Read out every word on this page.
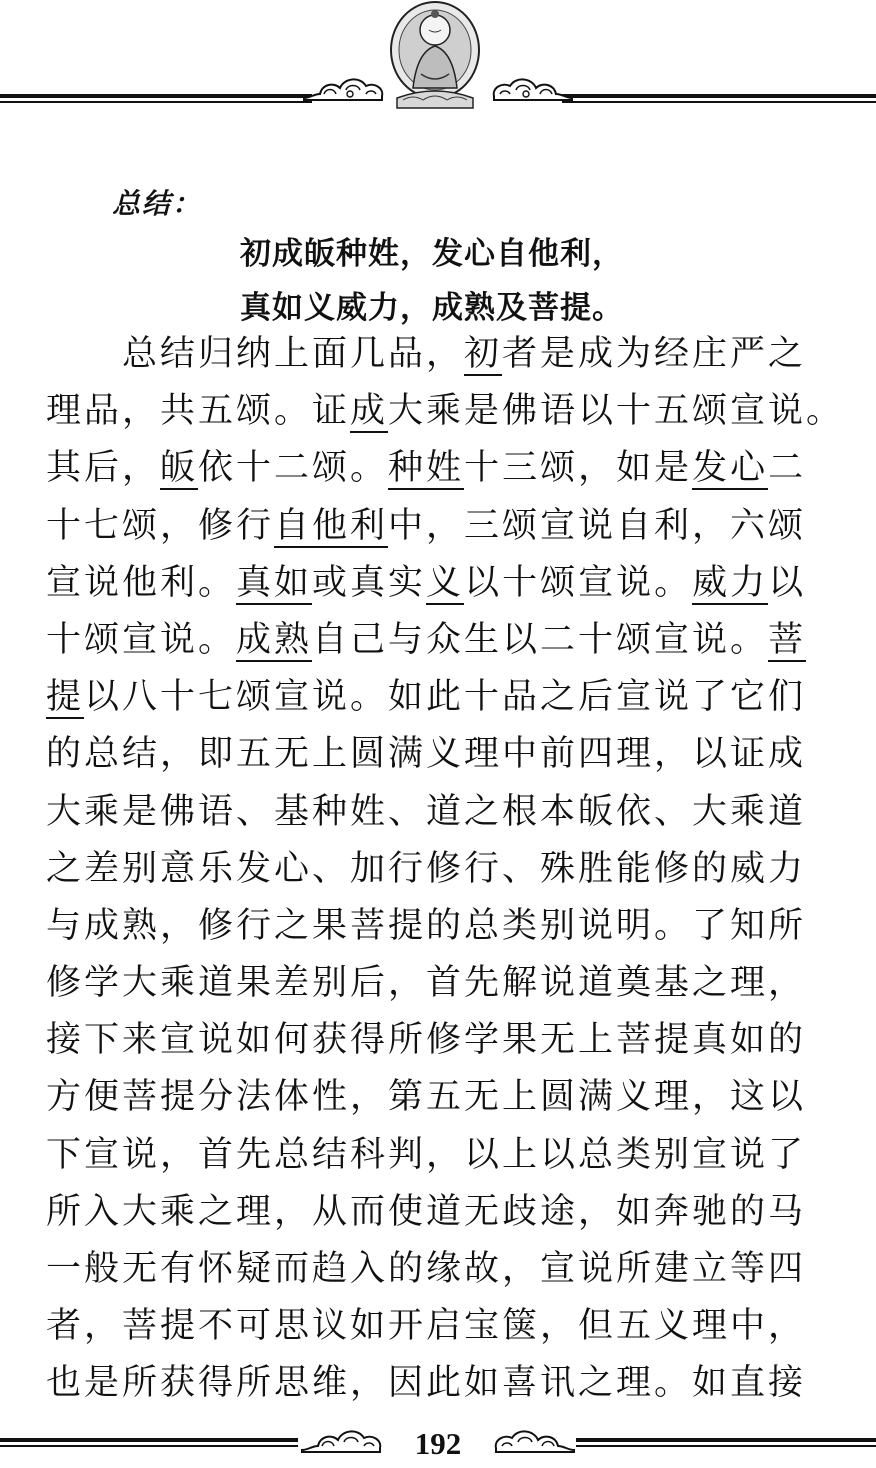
总结：
初成皈种姓，发心自他利，
真如义威力，成熟及菩提。
总结归纳上面几品，初者是成为经庄严之
理品，共五颂。证成大乘是佛语以十五颂宣说。
其后，皈依十二颂。种姓十三颂，如是发心二
十七颂，修行自他利中，三颂宣说自利，六颂
宣说他利。真如或真实义以十颂宣说。威力以
十颂宣说。成熟自己与众生以二十颂宣说。菩
提以八十七颂宣说。如此十品之后宣说了它们
的总结，即五无上圆满义理中前四理，以证成
大乘是佛语、基种姓、道之根本皈依、大乘道
之差别意乐发心、加行修行、殊胜能修的威力
与成熟，修行之果菩提的总类别说明。了知所
修学大乘道果差别后，首先解说道奠基之理，
接下来宣说如何获得所修学果无上菩提真如的
方便菩提分法体性，第五无上圆满义理，这以
下宣说，首先总结科判，以上以总类别宣说了
所入大乘之理，从而使道无歧途，如奔驰的马
一般无有怀疑而趋入的缘故，宣说所建立等四
者，菩提不可思议如开启宝箧，但五义理中，
也是所获得所思维，因此如喜讯之理。如直接
192
